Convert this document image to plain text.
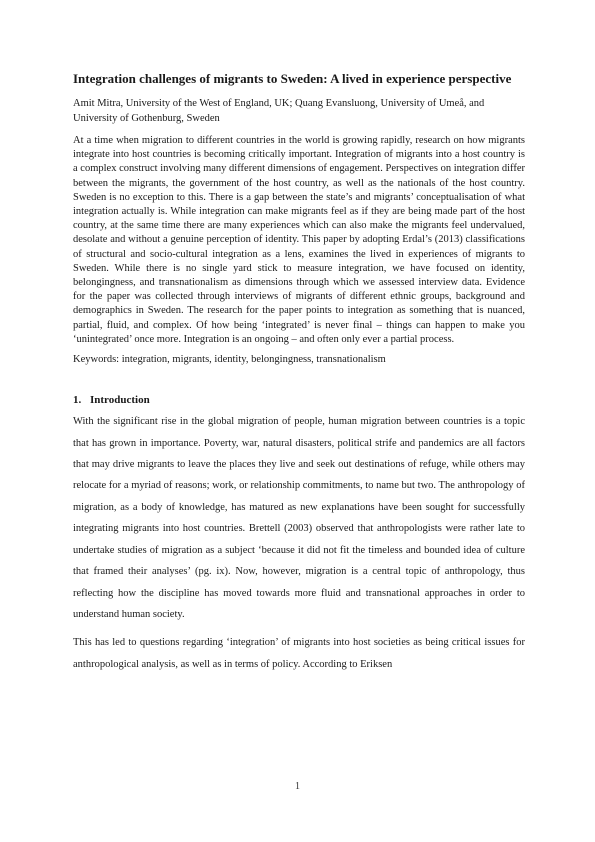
Integration challenges of migrants to Sweden: A lived in experience perspective

Amit Mitra, University of the West of England, UK; Quang Evansluong, University of Umeå, and University of Gothenburg, Sweden

At a time when migration to different countries in the world is growing rapidly, research on how migrants integrate into host countries is becoming critically important. Integration of migrants into a host country is a complex construct involving many different dimensions of engagement. Perspectives on integration differ between the migrants, the government of the host country, as well as the nationals of the host country. Sweden is no exception to this. There is a gap between the state’s and migrants’ conceptualisation of what integration actually is. While integration can make migrants feel as if they are being made part of the host country, at the same time there are many experiences which can also make the migrants feel undervalued, desolate and without a genuine perception of identity. This paper by adopting Erdal’s (2013) classifications of structural and socio-cultural integration as a lens, examines the lived in experiences of migrants to Sweden. While there is no single yard stick to measure integration, we have focused on identity, belongingness, and transnationalism as dimensions through which we assessed interview data. Evidence for the paper was collected through interviews of migrants of different ethnic groups, background and demographics in Sweden. The research for the paper points to integration as something that is nuanced, partial, fluid, and complex. Of how being ‘integrated’ is never final – things can happen to make you ‘unintegrated’ once more. Integration is an ongoing – and often only ever a partial process.

Keywords: integration, migrants, identity, belongingness, transnationalism

1. Introduction

With the significant rise in the global migration of people, human migration between countries is a topic that has grown in importance. Poverty, war, natural disasters, political strife and pandemics are all factors that may drive migrants to leave the places they live and seek out destinations of refuge, while others may relocate for a myriad of reasons; work, or relationship commitments, to name but two. The anthropology of migration, as a body of knowledge, has matured as new explanations have been sought for successfully integrating migrants into host countries. Brettell (2003) observed that anthropologists were rather late to undertake studies of migration as a subject ‘because it did not fit the timeless and bounded idea of culture that framed their analyses’ (pg. ix). Now, however, migration is a central topic of anthropology, thus reflecting how the discipline has moved towards more fluid and transnational approaches in order to understand human society.

This has led to questions regarding ‘integration’ of migrants into host societies as being critical issues for anthropological analysis, as well as in terms of policy. According to Eriksen

1
